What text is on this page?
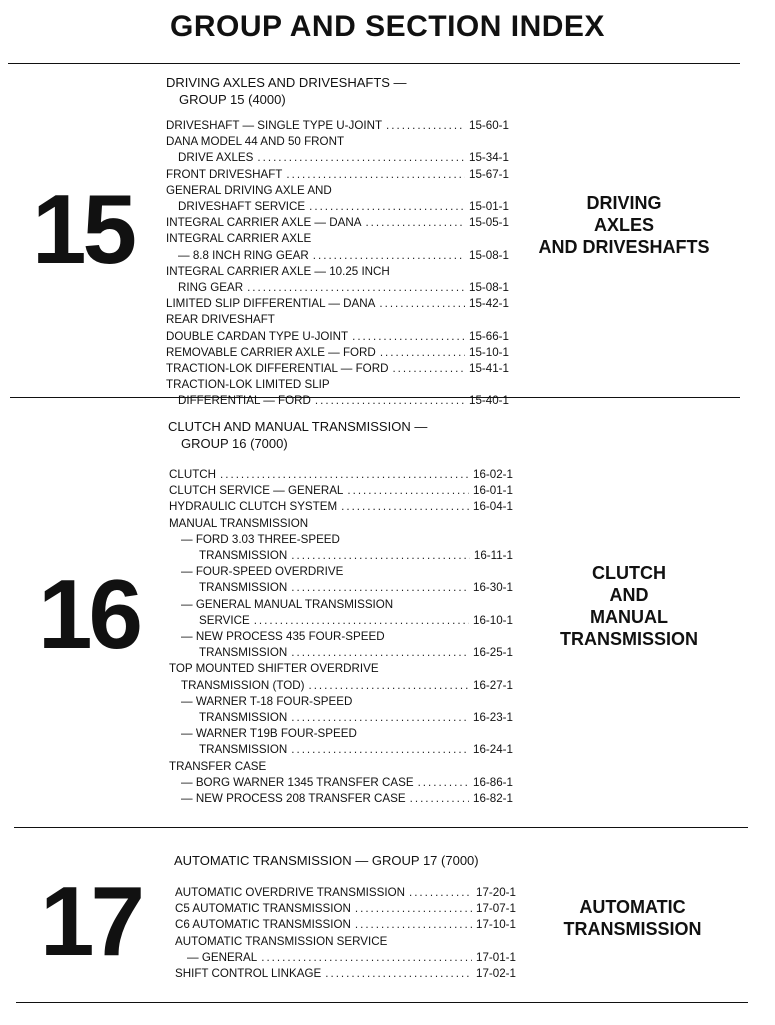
GROUP AND SECTION INDEX
15
DRIVING AXLES AND DRIVESHAFTS —
GROUP 15 (4000)
DRIVESHAFT — SINGLE TYPE U-JOINT .....	15-60-1
DANA MODEL 44 AND 50 FRONT
DRIVE AXLES .....	15-34-1
FRONT DRIVESHAFT .....	15-67-1
GENERAL DRIVING AXLE AND
DRIVESHAFT SERVICE .....	15-01-1
INTEGRAL CARRIER AXLE — DANA .....	15-05-1
INTEGRAL CARRIER AXLE
— 8.8 INCH RING GEAR .....	15-08-1
INTEGRAL CARRIER AXLE — 10.25 INCH
RING GEAR .....	15-08-1
LIMITED SLIP DIFFERENTIAL — DANA .....	15-42-1
REAR DRIVESHAFT
DOUBLE CARDAN TYPE U-JOINT .....	15-66-1
REMOVABLE CARRIER AXLE — FORD .....	15-10-1
TRACTION-LOK DIFFERENTIAL — FORD .....	15-41-1
TRACTION-LOK LIMITED SLIP
DIFFERENTIAL — FORD .....	15-40-1
DRIVING
AXLES
AND DRIVESHAFTS
16
CLUTCH AND MANUAL TRANSMISSION —
GROUP 16 (7000)
CLUTCH .....	16-02-1
CLUTCH SERVICE — GENERAL .....	16-01-1
HYDRAULIC CLUTCH SYSTEM .....	16-04-1
MANUAL TRANSMISSION
— FORD 3.03 THREE-SPEED
TRANSMISSION .....	16-11-1
— FOUR-SPEED OVERDRIVE
TRANSMISSION .....	16-30-1
— GENERAL MANUAL TRANSMISSION
SERVICE .....	16-10-1
— NEW PROCESS 435 FOUR-SPEED
TRANSMISSION .....	16-25-1
TOP MOUNTED SHIFTER OVERDRIVE
TRANSMISSION (TOD) .....	16-27-1
— WARNER T-18 FOUR-SPEED
TRANSMISSION .....	16-23-1
— WARNER T19B FOUR-SPEED
TRANSMISSION .....	16-24-1
TRANSFER CASE
— BORG WARNER 1345 TRANSFER CASE .....	16-86-1
— NEW PROCESS 208 TRANSFER CASE .....	16-82-1
CLUTCH
AND
MANUAL
TRANSMISSION
17
AUTOMATIC TRANSMISSION — GROUP 17 (7000)
AUTOMATIC OVERDRIVE TRANSMISSION .....	17-20-1
C5 AUTOMATIC TRANSMISSION .....	17-07-1
C6 AUTOMATIC TRANSMISSION .....	17-10-1
AUTOMATIC TRANSMISSION SERVICE
— GENERAL .....	17-01-1
SHIFT CONTROL LINKAGE .....	17-02-1
AUTOMATIC
TRANSMISSION
